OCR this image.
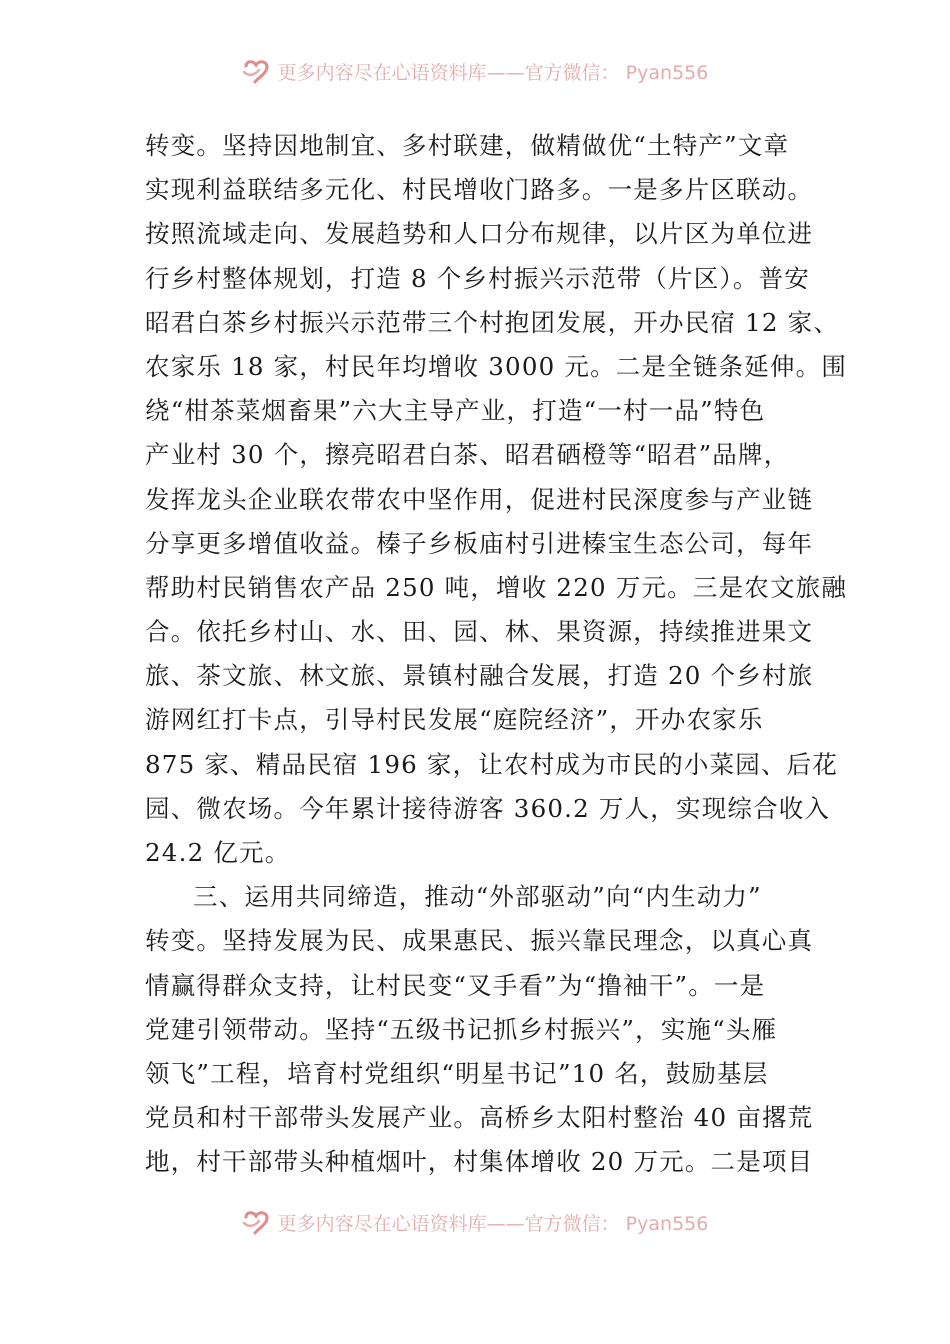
更多内容尽在心语资料库——官方微信： Pyan556
转变。坚持因地制宜、多村联建，做精做优“土特产”文章
实现利益联结多元化、村民增收门路多。一是多片区联动。
按照流域走向、发展趋势和人口分布规律，以片区为单位进
行乡村整体规划，打造 8 个乡村振兴示范带（片区）。普安
昭君白茶乡村振兴示范带三个村抱团发展，开办民宿 12 家、
农家乐 18 家，村民年均增收 3000 元。二是全链条延伸。围
绕“柑茶菜烟畜果”六大主导产业，打造“一村一品”特色
产业村 30 个，擦亮昭君白茶、昭君硒橙等“昭君”品牌，
发挥龙头企业联农带农中坚作用，促进村民深度参与产业链
分享更多增值收益。榛子乡板庙村引进榛宝生态公司，每年
帮助村民销售农产品 250 吨，增收 220 万元。三是农文旅融
合。依托乡村山、水、田、园、林、果资源，持续推进果文
旅、茶文旅、林文旅、景镇村融合发展，打造 20 个乡村旅
游网红打卡点，引导村民发展“庭院经济”，开办农家乐
875 家、精品民宿 196 家，让农村成为市民的小菜园、后花
园、微农场。今年累计接待游客 360.2 万人，实现综合收入
24.2 亿元。
三、运用共同缔造，推动“外部驱动”向“内生动力”
转变。坚持发展为民、成果惠民、振兴靠民理念，以真心真
情赢得群众支持，让村民变“叉手看”为“撸袖干”。一是
党建引领带动。坚持“五级书记抓乡村振兴”，实施“头雁
领飞”工程，培育村党组织“明星书记”10 名，鼓励基层
党员和村干部带头发展产业。高桥乡太阳村整治 40 亩撂荒
地，村干部带头种植烟叶，村集体增收 20 万元。二是项目
更多内容尽在心语资料库——官方微信： Pyan556
